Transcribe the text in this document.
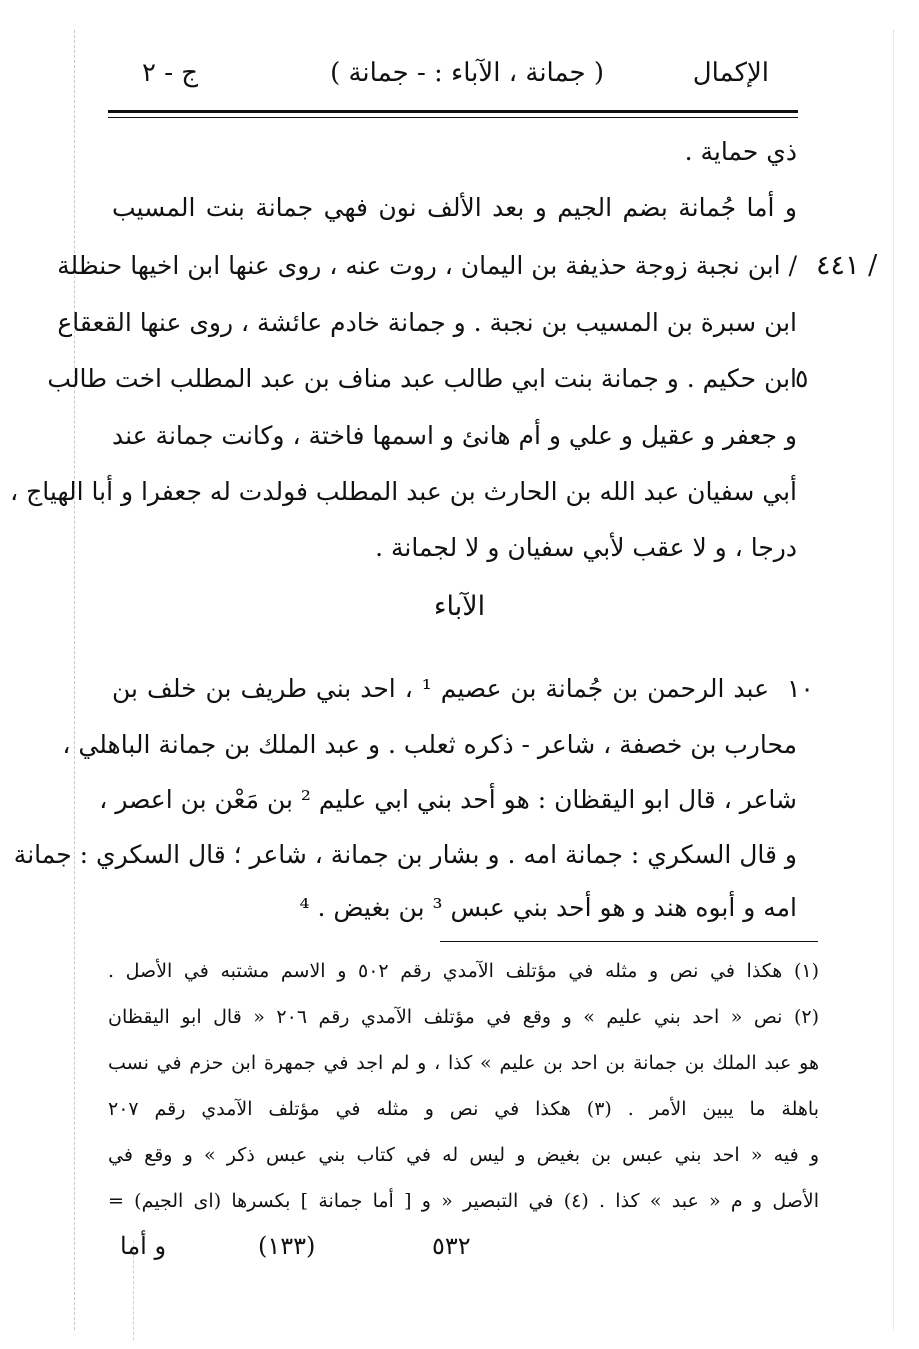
الإكمال
( جمانة ، الآباء : - جمانة )
ج - ٢
٤٤١ /
٥
١٠
ذي حماية .
و أما جُمانة بضم الجيم و بعد الألف نون فهي جمانة بنت المسيب
/ ابن نجبة زوجة حذيفة بن اليمان ، روت عنه ، روى عنها ابن اخيها حنظلة
ابن سبرة بن المسيب بن نجبة . و جمانة خادم عائشة ، روى عنها القعقاع
ابن حكيم . و جمانة بنت ابي طالب عبد مناف بن عبد المطلب اخت طالب
و جعفر و عقيل و علي و أم هانئ و اسمها فاختة ، وكانت جمانة عند
أبي سفيان عبد الله بن الحارث بن عبد المطلب فولدت له جعفرا و أبا الهياج ،
درجا ، و لا عقب لأبي سفيان و لا لجمانة .
الآباء
عبد الرحمن بن جُمانة بن عصيم ¹ ، احد بني طريف بن خلف بن
محارب بن خصفة ، شاعر - ذكره ثعلب . و عبد الملك بن جمانة الباهلي ،
شاعر ، قال ابو اليقظان : هو أحد بني ابي عليم ² بن مَعْن بن اعصر ،
و قال السكري : جمانة امه . و بشار بن جمانة ، شاعر ؛ قال السكري : جمانة
امه و أبوه هند و هو أحد بني عبس ³ بن بغيض . ⁴
(١) هكذا في نص و مثله في مؤتلف الآمدي رقم ٥٠٢ و الاسم مشتبه في الأصل .
(٢) نص « احد بني عليم » و وقع في مؤتلف الآمدي رقم ٢٠٦ « قال ابو اليقظان
هو عبد الملك بن جمانة بن احد بن عليم » كذا ، و لم اجد في جمهرة ابن حزم في نسب
باهلة ما يبين الأمر . (٣) هكذا في نص و مثله في مؤتلف الآمدي رقم ٢٠٧
و فيه « احد بني عبس بن بغيض و ليس له في كتاب بني عبس ذكر » و وقع في
الأصل و م « عبد » كذا . (٤) في التبصير « و [ أما جمانة ] بكسرها (اى الجيم) =
٥٣٢
(١٣٣)
و أما
